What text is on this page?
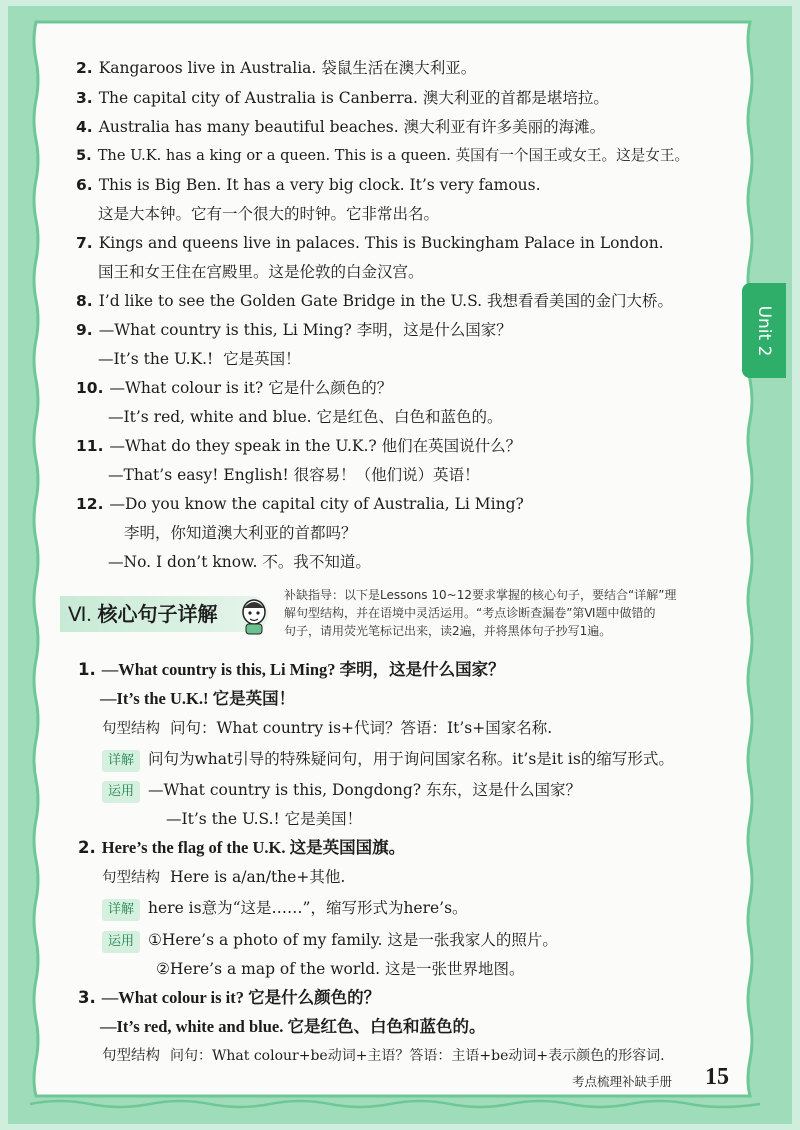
Unit 2
2. Kangaroos live in Australia. 袋鼠生活在澳大利亚。
3. The capital city of Australia is Canberra. 澳大利亚的首都是堪培拉。
4. Australia has many beautiful beaches. 澳大利亚有许多美丽的海滩。
5. The U.K. has a king or a queen. This is a queen. 英国有一个国王或女王。这是女王。
6. This is Big Ben. It has a very big clock. It’s very famous.
这是大本钟。它有一个很大的时钟。它非常出名。
7. Kings and queens live in palaces. This is Buckingham Palace in London.
国王和女王住在宫殿里。这是伦敦的白金汉宫。
8. I’d like to see the Golden Gate Bridge in the U.S. 我想看看美国的金门大桥。
9. —What country is this, Li Ming? 李明，这是什么国家？
—It’s the U.K.! 它是英国！
10. —What colour is it? 它是什么颜色的？
—It’s red, white and blue. 它是红色、白色和蓝色的。
11. —What do they speak in the U.K.? 他们在英国说什么？
—That’s easy! English! 很容易！（他们说）英语！
12. —Do you know the capital city of Australia, Li Ming?
李明，你知道澳大利亚的首都吗？
—No. I don’t know. 不。我不知道。
Ⅵ. 核心句子详解
补缺指导：以下是Lessons 10~12要求掌握的核心句子，要结合“详解”理
解句型结构，并在语境中灵活运用。“考点诊断查漏卷”第Ⅵ题中做错的
句子，请用荧光笔标记出来，读2遍，并将黑体句子抄写1遍。
1. —What country is this, Li Ming? 李明，这是什么国家？
—It’s the U.K.! 它是英国！
句型结构 问句：What country is+代词？答语：It’s+国家名称.
详解 问句为what引导的特殊疑问句，用于询问国家名称。it’s是it is的缩写形式。
运用 —What country is this, Dongdong? 东东，这是什么国家？
—It’s the U.S.! 它是美国！
2. Here’s the flag of the U.K. 这是英国国旗。
句型结构 Here is a/an/the+其他.
详解 here is意为“这是……”，缩写形式为here’s。
运用 ①Here’s a photo of my family. 这是一张我家人的照片。
②Here’s a map of the world. 这是一张世界地图。
3. —What colour is it? 它是什么颜色的？
—It’s red, white and blue. 它是红色、白色和蓝色的。
句型结构 问句：What colour+be动词+主语？答语：主语+be动词+表示颜色的形容词.
考点梳理补缺手册 15
